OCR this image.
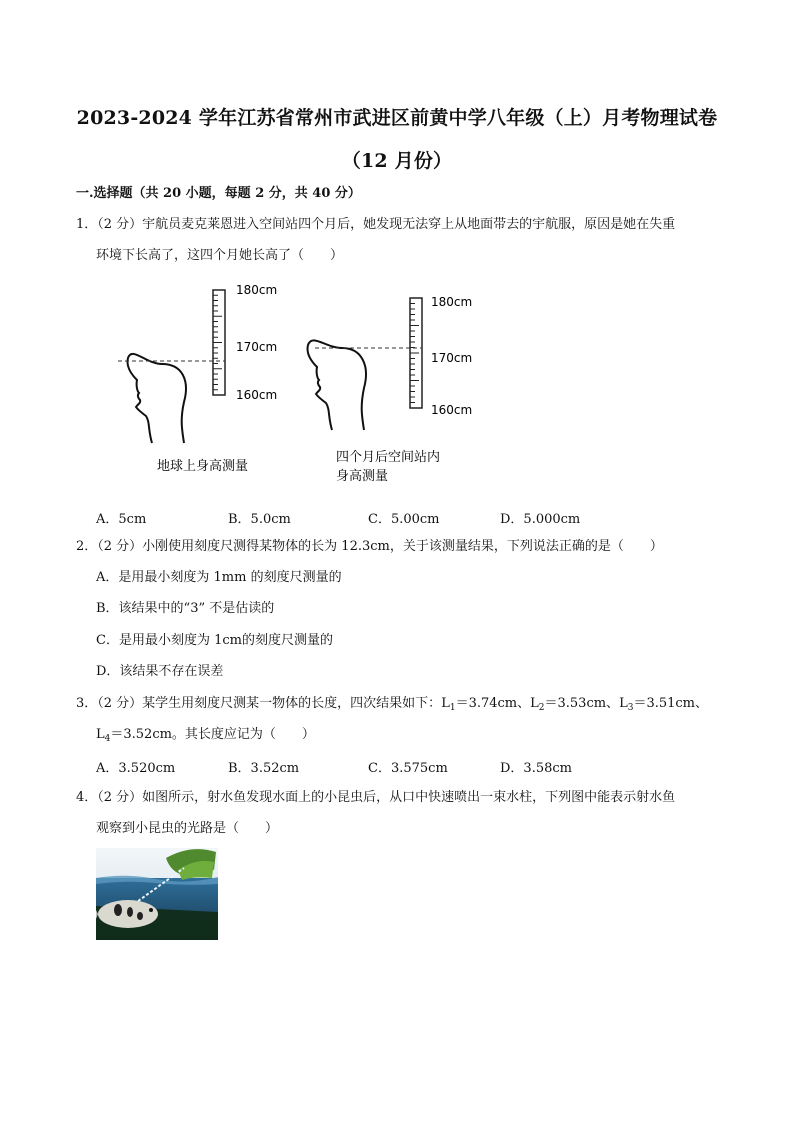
2023-2024 学年江苏省常州市武进区前黄中学八年级（上）月考物理试卷
（12 月份）
一.选择题（共 20 小题，每题 2 分，共 40 分）
1．（2 分）宇航员麦克莱恩进入空间站四个月后，她发现无法穿上从地面带去的宇航服，原因是她在失重
环境下长高了，这四个月她长高了（　　）
180cm
170cm
160cm
地球上身高测量
180cm
170cm
160cm
四个月后空间站内
身高测量
A．5cm	B．5.0cm	C．5.00cm	D．5.000cm
2．（2 分）小刚使用刻度尺测得某物体的长为 12.3cm，关于该测量结果，下列说法正确的是（　　）
A．是用最小刻度为 1mm 的刻度尺测量的
B．该结果中的“3” 不是估读的
C．是用最小刻度为 1cm的刻度尺测量的
D．该结果不存在误差
3．（2 分）某学生用刻度尺测某一物体的长度，四次结果如下：$L_1=3.74cm$、$L_2=3.53cm$、$L_3=3.51cm$、
$L_4=3.52cm$。其长度应记为（　　）
A．3.520cm	B．3.52cm	C．3.575cm	D．3.58cm
4．（2 分）如图所示，射水鱼发现水面上的小昆虫后，从口中快速喷出一束水柱，下列图中能表示射水鱼
观察到小昆虫的光路是（　　）
